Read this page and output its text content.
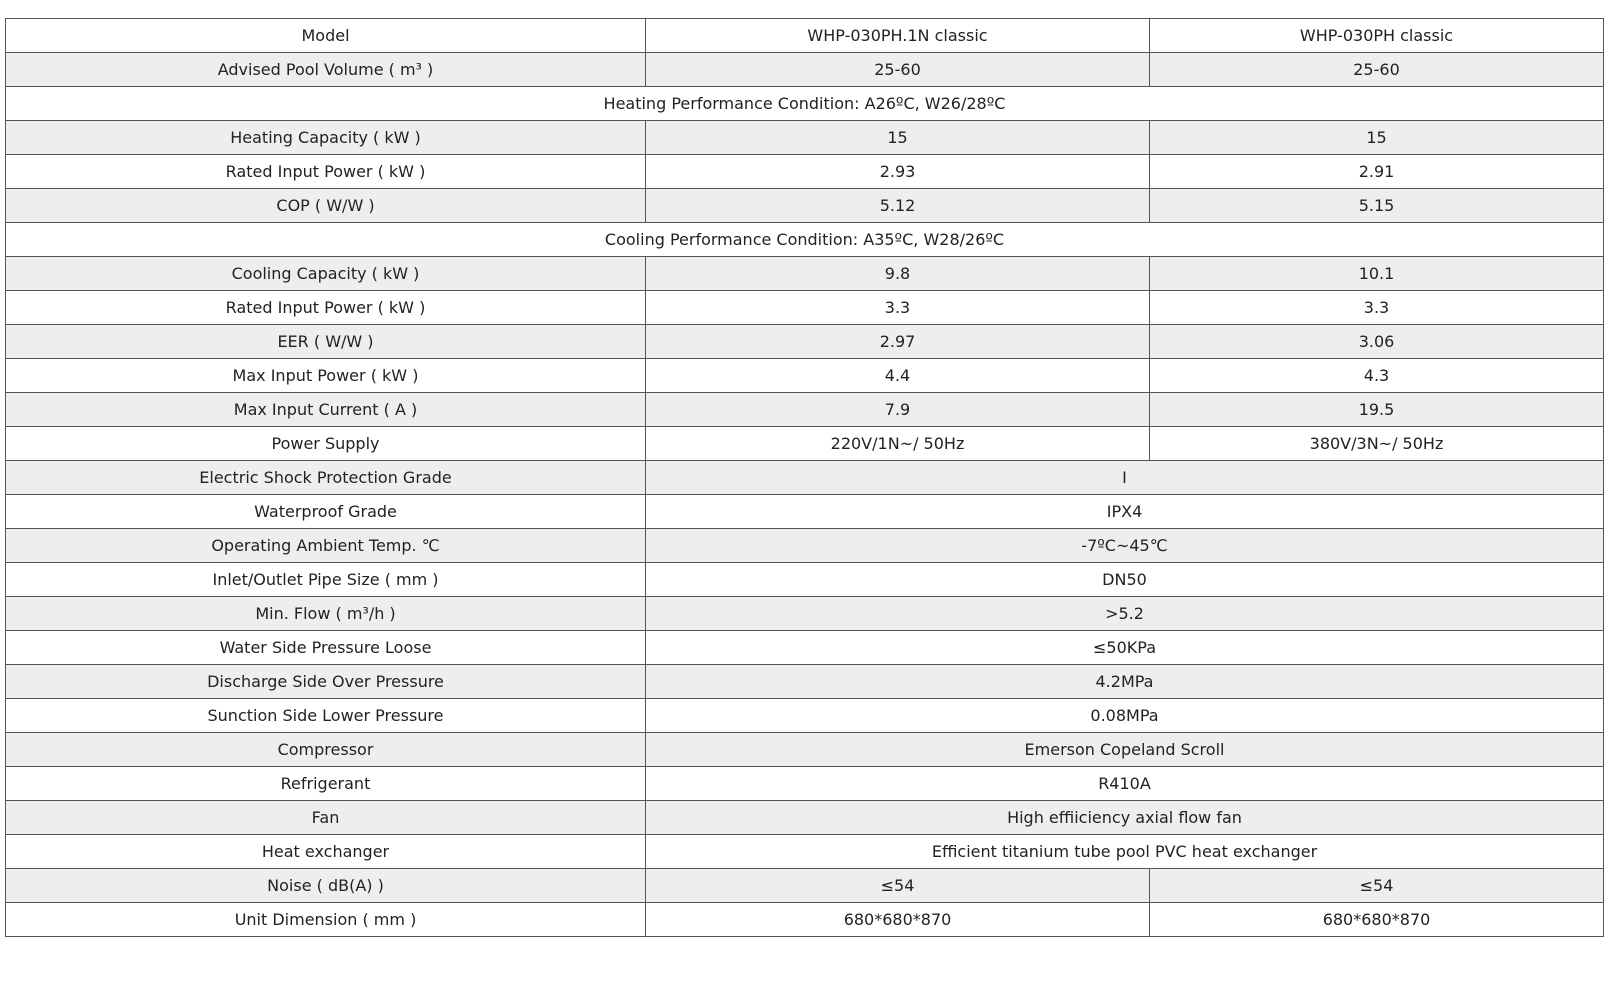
Model	WHP-030PH.1N classic	WHP-030PH classic
Advised Pool Volume ( m³ )	25-60	25-60
Heating Performance Condition: A26ºC, W26/28ºC		
Heating Capacity ( kW )	15	15
Rated Input Power ( kW )	2.93	2.91
COP ( W/W )	5.12	5.15
Cooling Performance Condition: A35ºC, W28/26ºC		
Cooling Capacity ( kW )	9.8	10.1
Rated Input Power ( kW )	3.3	3.3
EER ( W/W )	2.97	3.06
Max Input Power ( kW )	4.4	4.3
Max Input Current ( A )	7.9	19.5
Power Supply	220V/1N~/ 50Hz	380V/3N~/ 50Hz
Electric Shock Protection Grade	I	
Waterproof Grade	IPX4	
Operating Ambient Temp. ℃	-7ºC~45℃	
Inlet/Outlet Pipe Size ( mm )	DN50	
Min. Flow ( m³/h )	>5.2	
Water Side Pressure Loose	≤50KPa	
Discharge Side Over Pressure	4.2MPa	
Sunction Side Lower Pressure	0.08MPa	
Compressor	Emerson Copeland Scroll	
Refrigerant	R410A	
Fan	High effiiciency axial flow fan	
Heat exchanger	Efficient titanium tube pool PVC heat exchanger	
Noise ( dB(A) )	≤54	≤54
Unit Dimension ( mm )	680*680*870	680*680*870
